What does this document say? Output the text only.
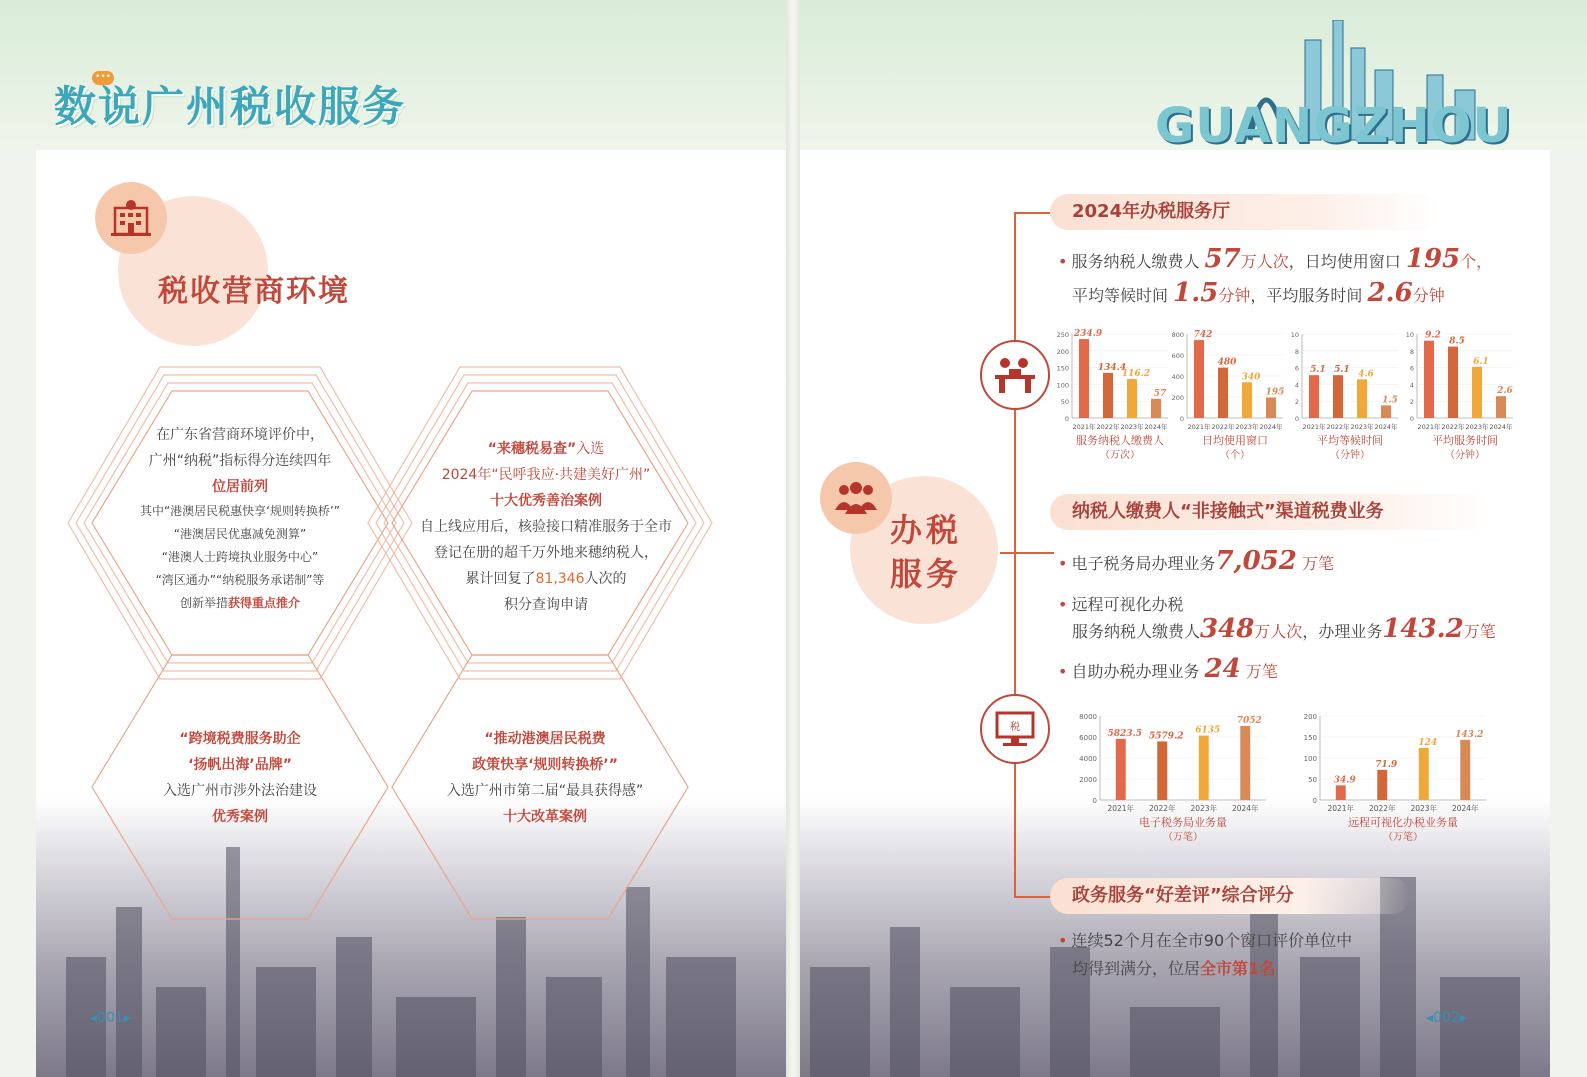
•••
数说广州税收服务	GUANGZHOU
税收营商环境
在广东省营商环境评价中，
广州“纳税”指标得分连续四年
位居前列
其中“港澳居民税惠快享‘规则转换桥’”
“港澳居民优惠减免测算”
“港澳人士跨境执业服务中心”
“湾区通办”“纳税服务承诺制”等
创新举措获得重点推介
“来穗税易查”入选
2024年“民呼我应·共建美好广州”
十大优秀善治案例
自上线应用后，核验接口精准服务于全市
登记在册的超千万外地来穗纳税人，
累计回复了81,346人次的
积分查询申请
“跨境税费服务助企
‘扬帆出海’品牌”
入选广州市涉外法治建设
优秀案例
“推动港澳居民税费
政策快享‘规则转换桥’”
入选广州市第二届“最具获得感”
十大改革案例
◂001▸
办税
服务
税
2024年办税服务厅
• 服务纳税人缴费人 57万人次，日均使用窗口 195个，
平均等候时间 1.5分钟，平均服务时间 2.6分钟
0
50
100
150
200
250 234.9
2021年
134.4
2022年
116.2
2023年
57
2024年
服务纳税人缴费人
（万次）
0
200
400
600
800 742
2021年
480
2022年
340
2023年
195
2024年
日均使用窗口
（个）
0
2
4
6
8
10
5.1
2021年
5.1
2022年
4.6
2023年
1.5
2024年
平均等候时间
（分钟）
0
2
4
6
8
10 9.2
2021年
8.5
2022年
6.1
2023年
2.6
2024年
平均服务时间
（分钟）
纳税人缴费人“非接触式”渠道税费业务
• 电子税务局办理业务7,052 万笔
• 远程可视化办税
服务纳税人缴费人348万人次，办理业务143.2万笔
• 自助办税办理业务 24 万笔
0
2000
4000
6000
8000
5823.5
2021年
5579.2
2022年
6135
2023年
7052
2024年
电子税务局业务量
（万笔）
0
50
100
150
200
34.9
2021年
71.9
2022年
124
2023年
143.2
2024年
远程可视化办税业务量
（万笔）
政务服务“好差评”综合评分
• 连续52个月在全市90个窗口评价单位中
均得到满分，位居全市第1名
◂002▸
